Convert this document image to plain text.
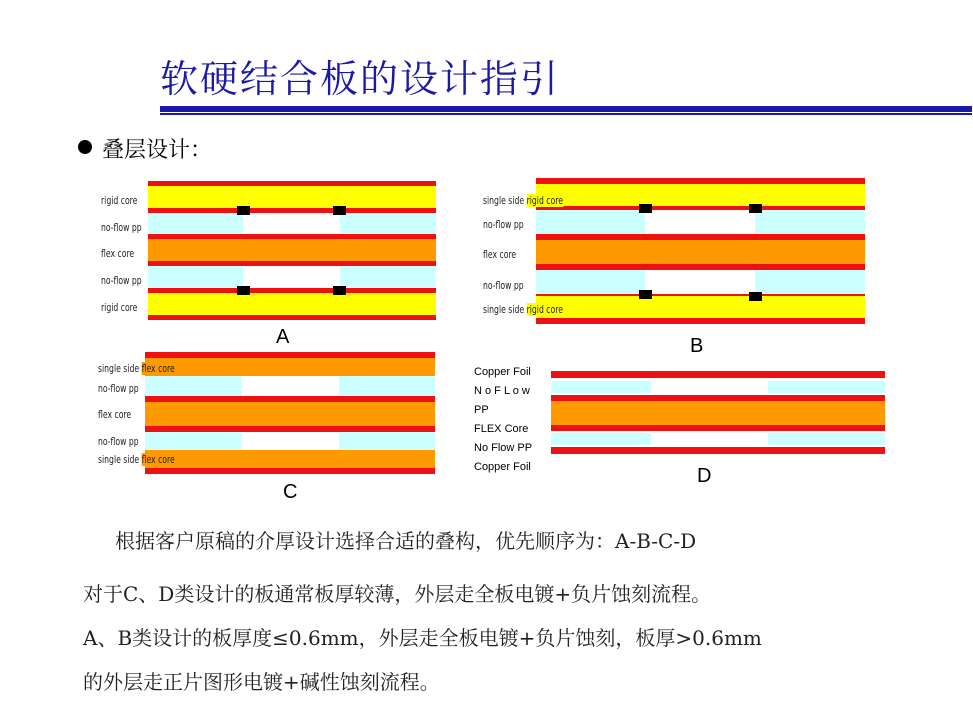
软硬结合板的设计指引
叠层设计：
rigid core
no-flow pp
flex core
no-flow pp
rigid core
A
single side rigid core
no-flow pp
flex core
no-flow pp
single side rigid core
B
single side flex core
no-flow pp
flex core
no-flow pp
single side flex core
C
Copper Foil
N o F L o w
PP
FLEX Core
No Flow PP
Copper Foil	D
根据客户原稿的介厚设计选择合适的叠构，优先顺序为：A-B-C-D
对于C、D类设计的板通常板厚较薄，外层走全板电镀+负片蚀刻流程。
A、B类设计的板厚度≤0.6mm，外层走全板电镀+负片蚀刻，板厚>0.6mm
的外层走正片图形电镀+碱性蚀刻流程。
